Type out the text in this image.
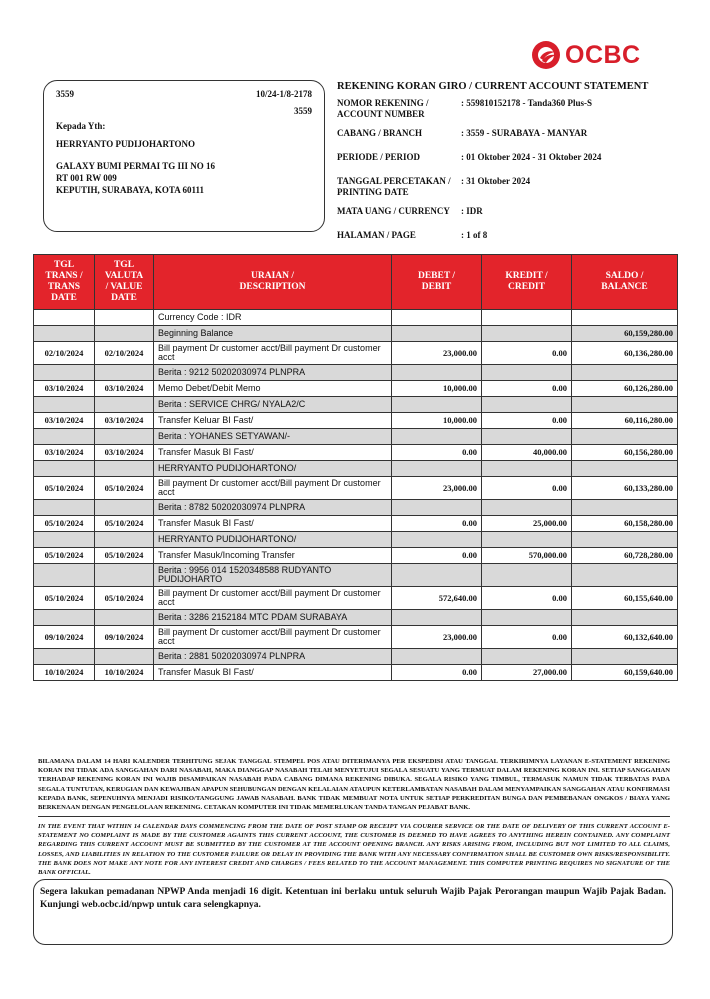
OCBC
3559	10/24-1/8-2178
3559
Kepada Yth:
HERRYANTO PUDIJOHARTONO
GALAXY BUMI PERMAI TG III NO 16
RT 001 RW 009
KEPUTIH, SURABAYA, KOTA 60111
REKENING KORAN GIRO / CURRENT ACCOUNT STATEMENT
NOMOR REKENING /
ACCOUNT NUMBER
: 559810152178 - Tanda360 Plus-S
CABANG / BRANCH	: 3559 - SURABAYA - MANYAR
PERIODE / PERIOD	: 01 Oktober 2024 - 31 Oktober 2024
TANGGAL PERCETAKAN /
PRINTING DATE
: 31 Oktober 2024
MATA UANG / CURRENCY : IDR
HALAMAN / PAGE	: 1 of 8
TGL
TRANS /
TRANS
DATE	TGL
VALUTA
/ VALUE
DATE	URAIAN /
DESCRIPTION	DEBET /
DEBIT	KREDIT /
CREDIT	SALDO /
BALANCE
		Currency Code : IDR			
		Beginning Balance			60,159,280.00
02/10/2024	02/10/2024	Bill payment Dr customer acct/Bill payment Dr customer acct	23,000.00	0.00	60,136,280.00
		Berita : 9212 50202030974 PLNPRA			
03/10/2024	03/10/2024	Memo Debet/Debit Memo	10,000.00	0.00	60,126,280.00
		Berita : SERVICE CHRG/ NYALA2/C			
03/10/2024	03/10/2024	Transfer Keluar BI Fast/	10,000.00	0.00	60,116,280.00
		Berita : YOHANES SETYAWAN/-			
03/10/2024	03/10/2024	Transfer Masuk BI Fast/	0.00	40,000.00	60,156,280.00
		HERRYANTO PUDIJOHARTONO/			
05/10/2024	05/10/2024	Bill payment Dr customer acct/Bill payment Dr customer acct	23,000.00	0.00	60,133,280.00
		Berita : 8782 50202030974 PLNPRA			
05/10/2024	05/10/2024	Transfer Masuk BI Fast/	0.00	25,000.00	60,158,280.00
		HERRYANTO PUDIJOHARTONO/			
05/10/2024	05/10/2024	Transfer Masuk/Incoming Transfer	0.00	570,000.00	60,728,280.00
		Berita : 9956 014 1520348588 RUDYANTO PUDIJOHARTO			
05/10/2024	05/10/2024	Bill payment Dr customer acct/Bill payment Dr customer acct	572,640.00	0.00	60,155,640.00
		Berita : 3286 2152184 MTC PDAM SURABAYA			
09/10/2024	09/10/2024	Bill payment Dr customer acct/Bill payment Dr customer acct	23,000.00	0.00	60,132,640.00
		Berita : 2881 50202030974 PLNPRA			
10/10/2024	10/10/2024	Transfer Masuk BI Fast/	0.00	27,000.00	60,159,640.00
BILAMANA DALAM 14 HARI KALENDER TERHITUNG SEJAK TANGGAL STEMPEL POS ATAU DITERIMANYA PER EKSPEDISI ATAU TANGGAL TERKIRIMNYA LAYANAN E-STATEMENT REKENING KORAN INI TIDAK ADA SANGGAHAN DARI NASABAH, MAKA DIANGGAP NASABAH TELAH MENYETUJUI SEGALA SESUATU YANG TERMUAT DALAM REKENING KORAN INI. SETIAP SANGGAHAN TERHADAP REKENING KORAN INI WAJIB DISAMPAIKAN NASABAH PADA CABANG DIMANA REKENING DIBUKA. SEGALA RISIKO YANG TIMBUL, TERMASUK NAMUN TIDAK TERBATAS PADA SEGALA TUNTUTAN, KERUGIAN DAN KEWAJIBAN APAPUN SEHUBUNGAN DENGAN KELALAIAN ATAUPUN KETERLAMBATAN NASABAH DALAM MENYAMPAIKAN SANGGAHAN ATAU KONFIRMASI KEPADA BANK, SEPENUHNYA MENJADI RISIKO/TANGGUNG JAWAB NASABAH. BANK TIDAK MEMBUAT NOTA UNTUK SETIAP PERKREDITAN BUNGA DAN PEMBEBANAN ONGKOS / BIAYA YANG BERKENAAN DENGAN PENGELOLAAN REKENING. CETAKAN KOMPUTER INI TIDAK MEMERLUKAN TANDA TANGAN PEJABAT BANK.
IN THE EVENT THAT WITHIN 14 CALENDAR DAYS COMMENCING FROM THE DATE OF POST STAMP OR RECEIPT VIA COURIER SERVICE OR THE DATE OF DELIVERY OF THIS CURRENT ACCOUNT E-STATEMENT NO COMPLAINT IS MADE BY THE CUSTOMER AGAINTS THIS CURRENT ACCOUNT, THE CUSTOMER IS DEEMED TO HAVE AGREES TO ANYTHING HEREIN CONTAINED. ANY COMPLAINT REGARDING THIS CURRENT ACCOUNT MUST BE SUBMITTED BY THE CUSTOMER AT THE ACCOUNT OPENING BRANCH. ANY RISKS ARISING FROM, INCLUDING BUT NOT LIMITED TO ALL CLAIMS, LOSSES, AND LIABILITIES IN RELATION TO THE CUSTOMER FAILURE OR DELAY IN PROVIDING THE BANK WITH ANY NECESSARY CONFIRMATION SHALL BE CUSTOMER OWN RISKS/RESPONSIBILITY. THE BANK DOES NOT MAKE ANY NOTE FOR ANY INTEREST CREDIT AND CHARGES / FEES RELATED TO THE ACCOUNT MANAGEMENT. THIS COMPUTER PRINTING REQUIRES NO SIGNATURE OF THE BANK OFFICIAL.
Segera lakukan pemadanan NPWP Anda menjadi 16 digit. Ketentuan ini berlaku untuk seluruh Wajib Pajak Perorangan maupun Wajib Pajak Badan. Kunjungi web.ocbc.id/npwp untuk cara selengkapnya.
